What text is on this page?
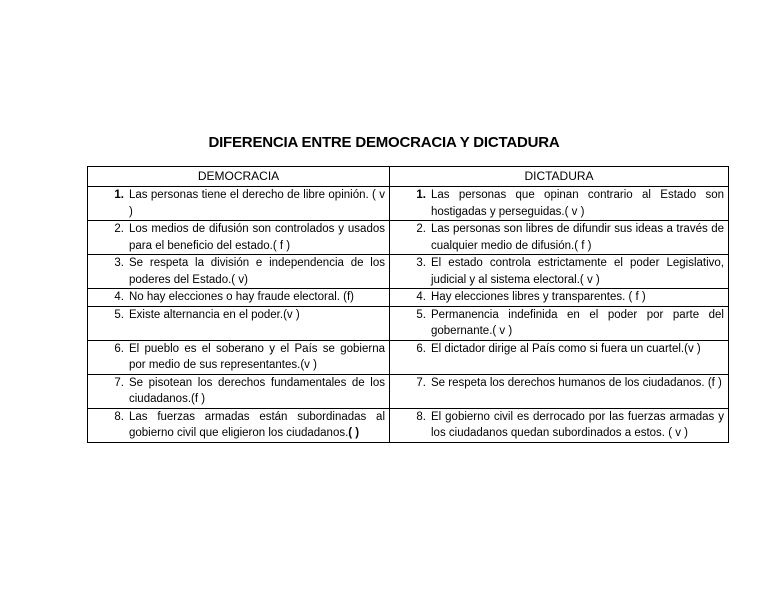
DIFERENCIA ENTRE DEMOCRACIA Y DICTADURA
DEMOCRACIA	DICTADURA

1. Las personas tiene el derecho de libre opinión. ( v )	1. Las personas que opinan contrario al Estado son hostigadas y perseguidas.( v )

2. Los medios de difusión son controlados y usados para el beneficio del estado.( f )	2. Las personas son libres de difundir sus ideas a través de cualquier medio de difusión.( f )

3. Se respeta la división e independencia de los poderes del Estado.( v)	3. El estado controla estrictamente el poder Legislativo, judicial y al sistema electoral.( v )

4. No hay elecciones o hay fraude electoral. (f)	4. Hay elecciones libres y transparentes. ( f )

5. Existe alternancia en el poder.(v )	5. Permanencia indefinida en el poder por parte del gobernante.( v )

6. El pueblo es el soberano y el País se gobierna por medio de sus representantes.(v )	6. El dictador dirige al País como si fuera un cuartel.(v )

7. Se pisotean los derechos fundamentales de los ciudadanos.(f )	7. Se respeta los derechos humanos de los ciudadanos. (f )

8. Las fuerzas armadas están subordinadas al gobierno civil que eligieron los ciudadanos.( )	8. El gobierno civil es derrocado por las fuerzas armadas y los ciudadanos quedan subordinados a estos. ( v )
